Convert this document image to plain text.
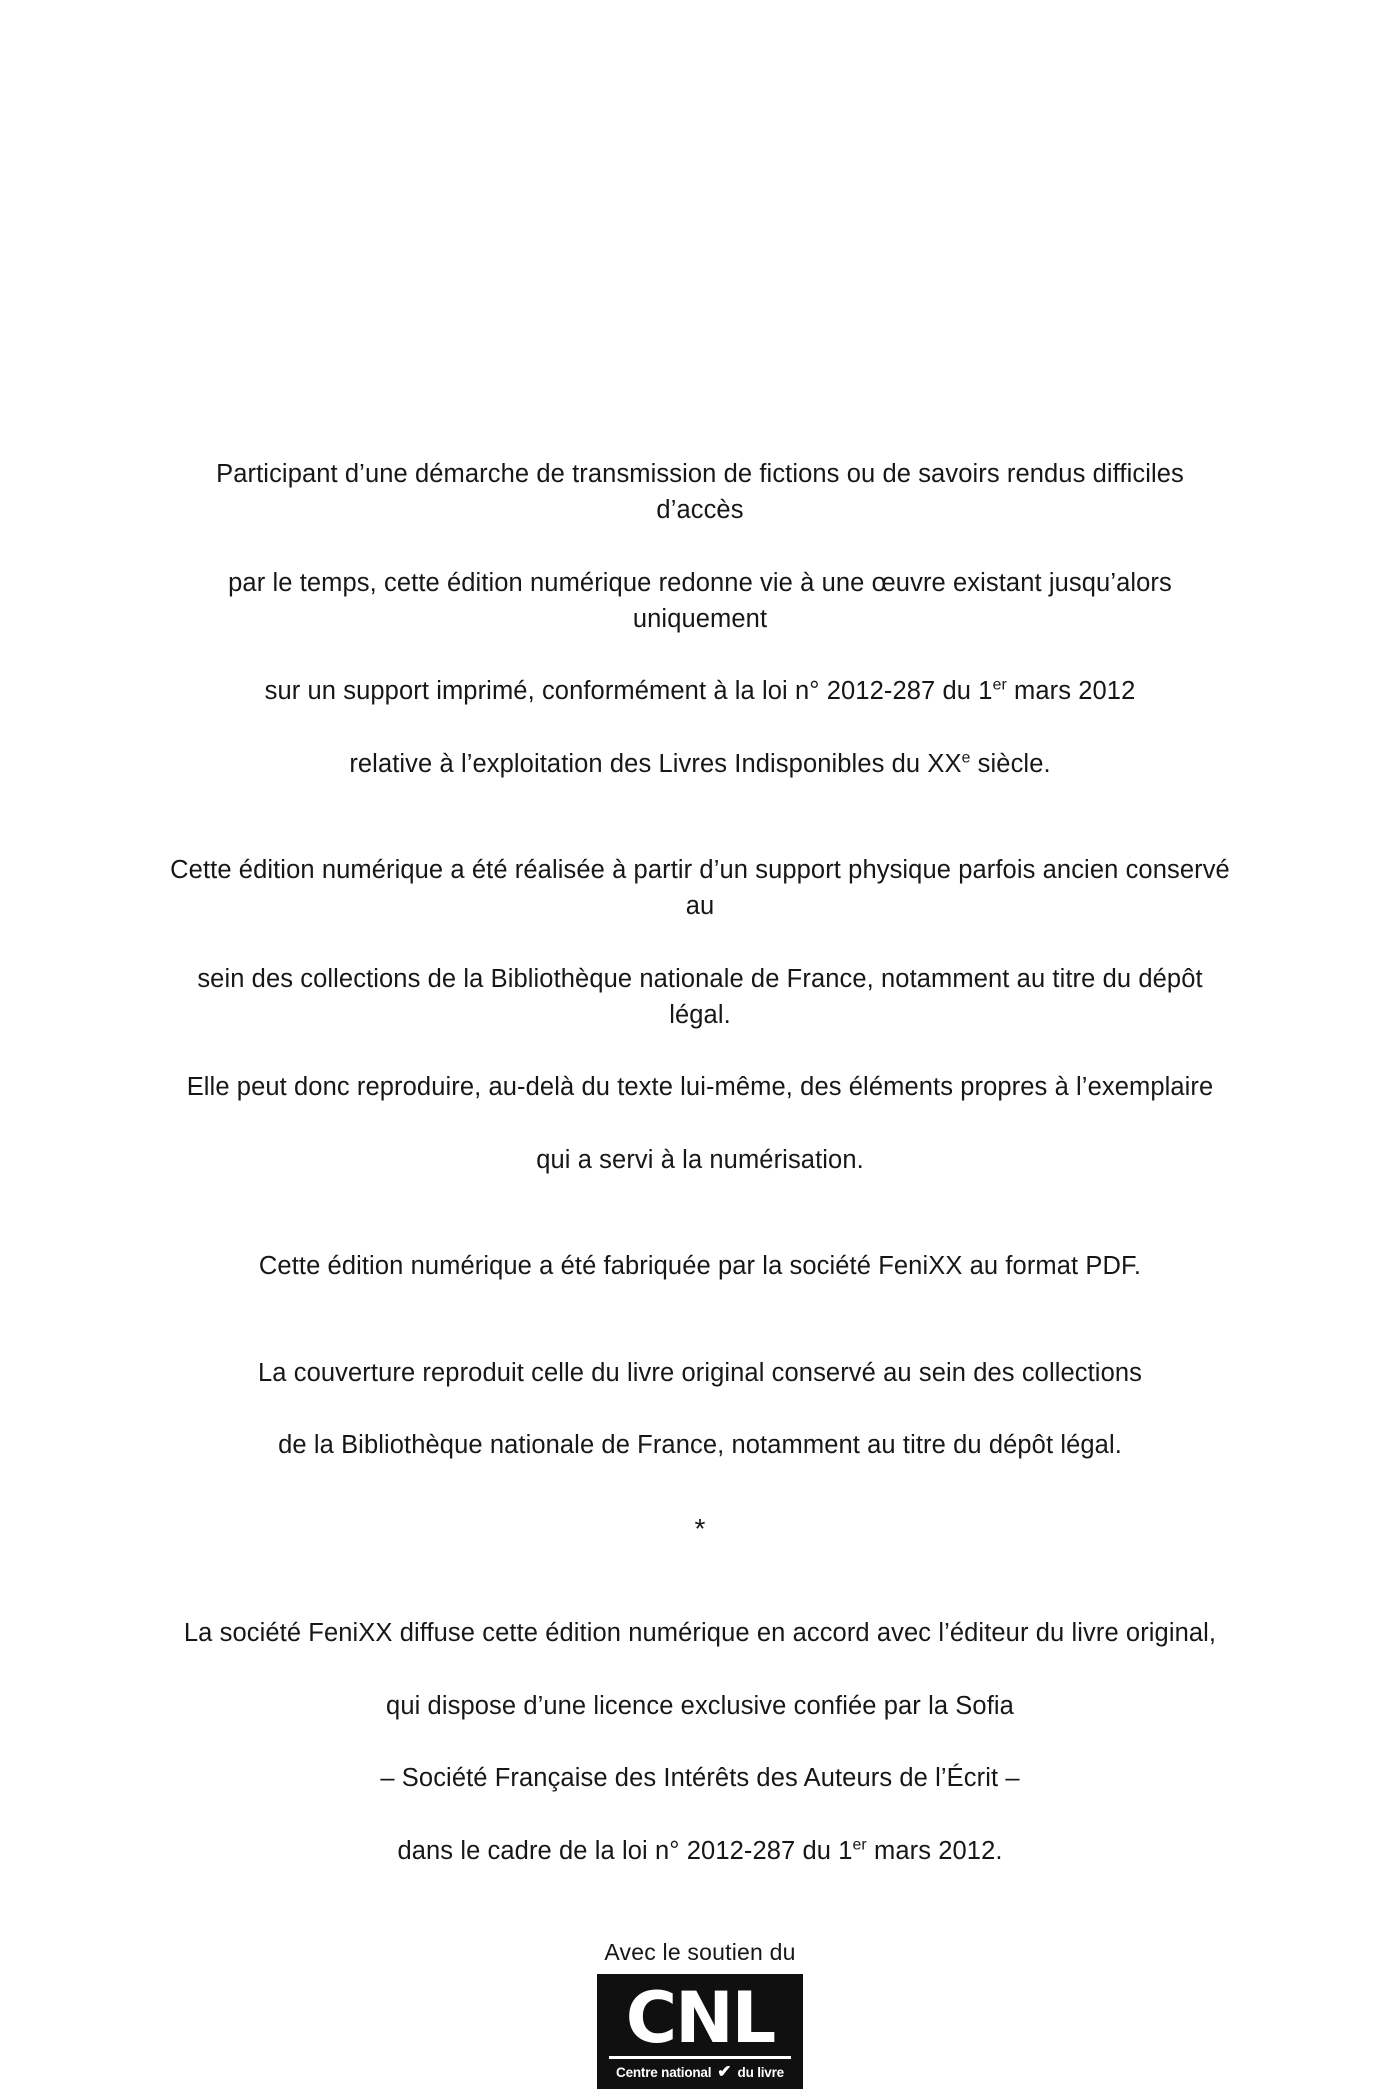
Participant d’une démarche de transmission de fictions ou de savoirs rendus difficiles d’accès

par le temps, cette édition numérique redonne vie à une œuvre existant jusqu’alors uniquement

sur un support imprimé, conformément à la loi n° 2012-287 du 1er mars 2012

relative à l’exploitation des Livres Indisponibles du XXe siècle.

Cette édition numérique a été réalisée à partir d’un support physique parfois ancien conservé au

sein des collections de la Bibliothèque nationale de France, notamment au titre du dépôt légal.

Elle peut donc reproduire, au-delà du texte lui-même, des éléments propres à l’exemplaire

qui a servi à la numérisation.

Cette édition numérique a été fabriquée par la société FeniXX au format PDF.

La couverture reproduit celle du livre original conservé au sein des collections

de la Bibliothèque nationale de France, notamment au titre du dépôt légal.

*

La société FeniXX diffuse cette édition numérique en accord avec l’éditeur du livre original,

qui dispose d’une licence exclusive confiée par la Sofia

– Société Française des Intérêts des Auteurs de l’Écrit –

dans le cadre de la loi n° 2012-287 du 1er mars 2012.

Avec le soutien du
CNL
Centre national ✔ du livre
